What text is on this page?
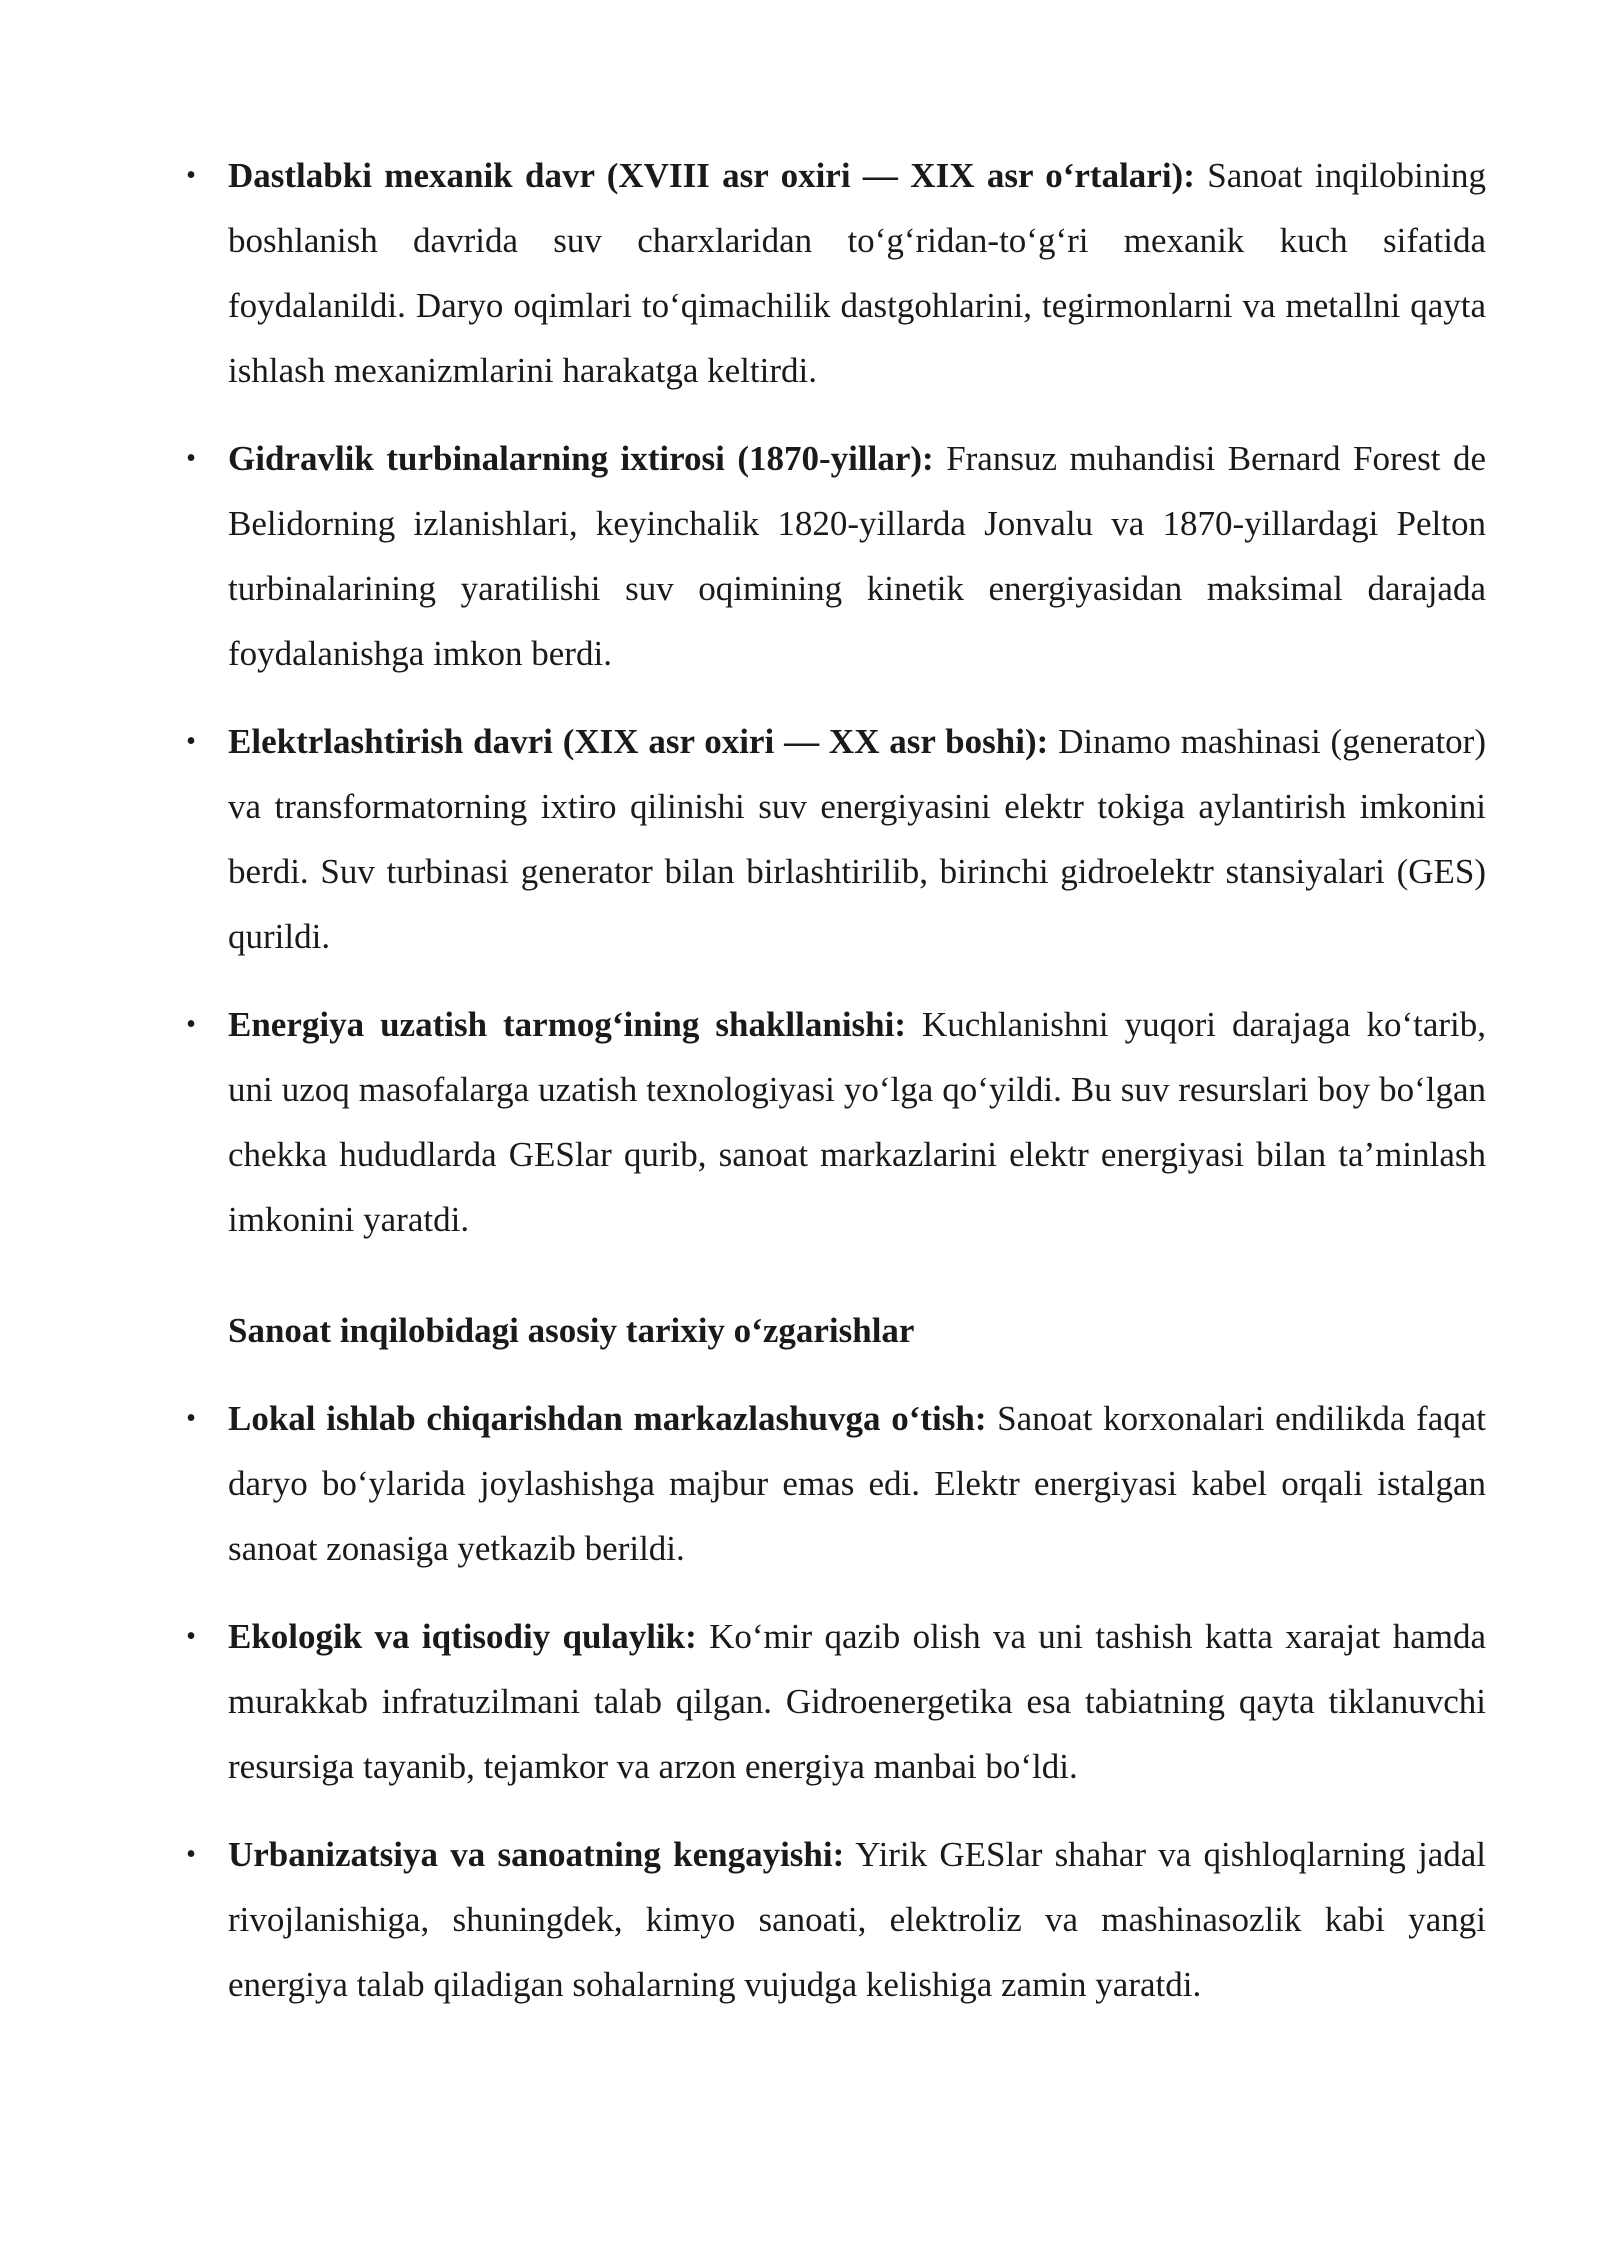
• Dastlabki mexanik davr (XVIII asr oxiri — XIX asr o‘rtalari): Sanoat inqilobining boshlanish davrida suv charxlaridan to‘g‘ridan-to‘g‘ri mexanik kuch sifatida foydalanildi. Daryo oqimlari to‘qimachilik dastgohlarini, tegirmonlarni va metallni qayta ishlash mexanizmlarini harakatga keltirdi.
• Gidravlik turbinalarning ixtirosi (1870-yillar): Fransuz muhandisi Bernard Forest de Belidorning izlanishlari, keyinchalik 1820-yillarda Jonvalu va 1870-yillardagi Pelton turbinalarining yaratilishi suv oqimining kinetik energiyasidan maksimal darajada foydalanishga imkon berdi.
• Elektrlashtirish davri (XIX asr oxiri — XX asr boshi): Dinamo mashinasi (generator) va transformatorning ixtiro qilinishi suv energiyasini elektr tokiga aylantirish imkonini berdi. Suv turbinasi generator bilan birlashtirilib, birinchi gidroelektr stansiyalari (GES) qurildi.
• Energiya uzatish tarmog‘ining shakllanishi: Kuchlanishni yuqori darajaga ko‘tarib, uni uzoq masofalarga uzatish texnologiyasi yo‘lga qo‘yildi. Bu suv resurslari boy bo‘lgan chekka hududlarda GESlar qurib, sanoat markazlarini elektr energiyasi bilan ta’minlash imkonini yaratdi.
Sanoat inqilobidagi asosiy tarixiy o‘zgarishlar
• Lokal ishlab chiqarishdan markazlashuvga o‘tish: Sanoat korxonalari endilikda faqat daryo bo‘ylarida joylashishga majbur emas edi. Elektr energiyasi kabel orqali istalgan sanoat zonasiga yetkazib berildi.
• Ekologik va iqtisodiy qulaylik: Ko‘mir qazib olish va uni tashish katta xarajat hamda murakkab infratuzilmani talab qilgan. Gidroenergetika esa tabiatning qayta tiklanuvchi resursiga tayanib, tejamkor va arzon energiya manbai bo‘ldi.
• Urbanizatsiya va sanoatning kengayishi: Yirik GESlar shahar va qishloqlarning jadal rivojlanishiga, shuningdek, kimyo sanoati, elektroliz va mashinasozlik kabi yangi energiya talab qiladigan sohalarning vujudga kelishiga zamin yaratdi.
